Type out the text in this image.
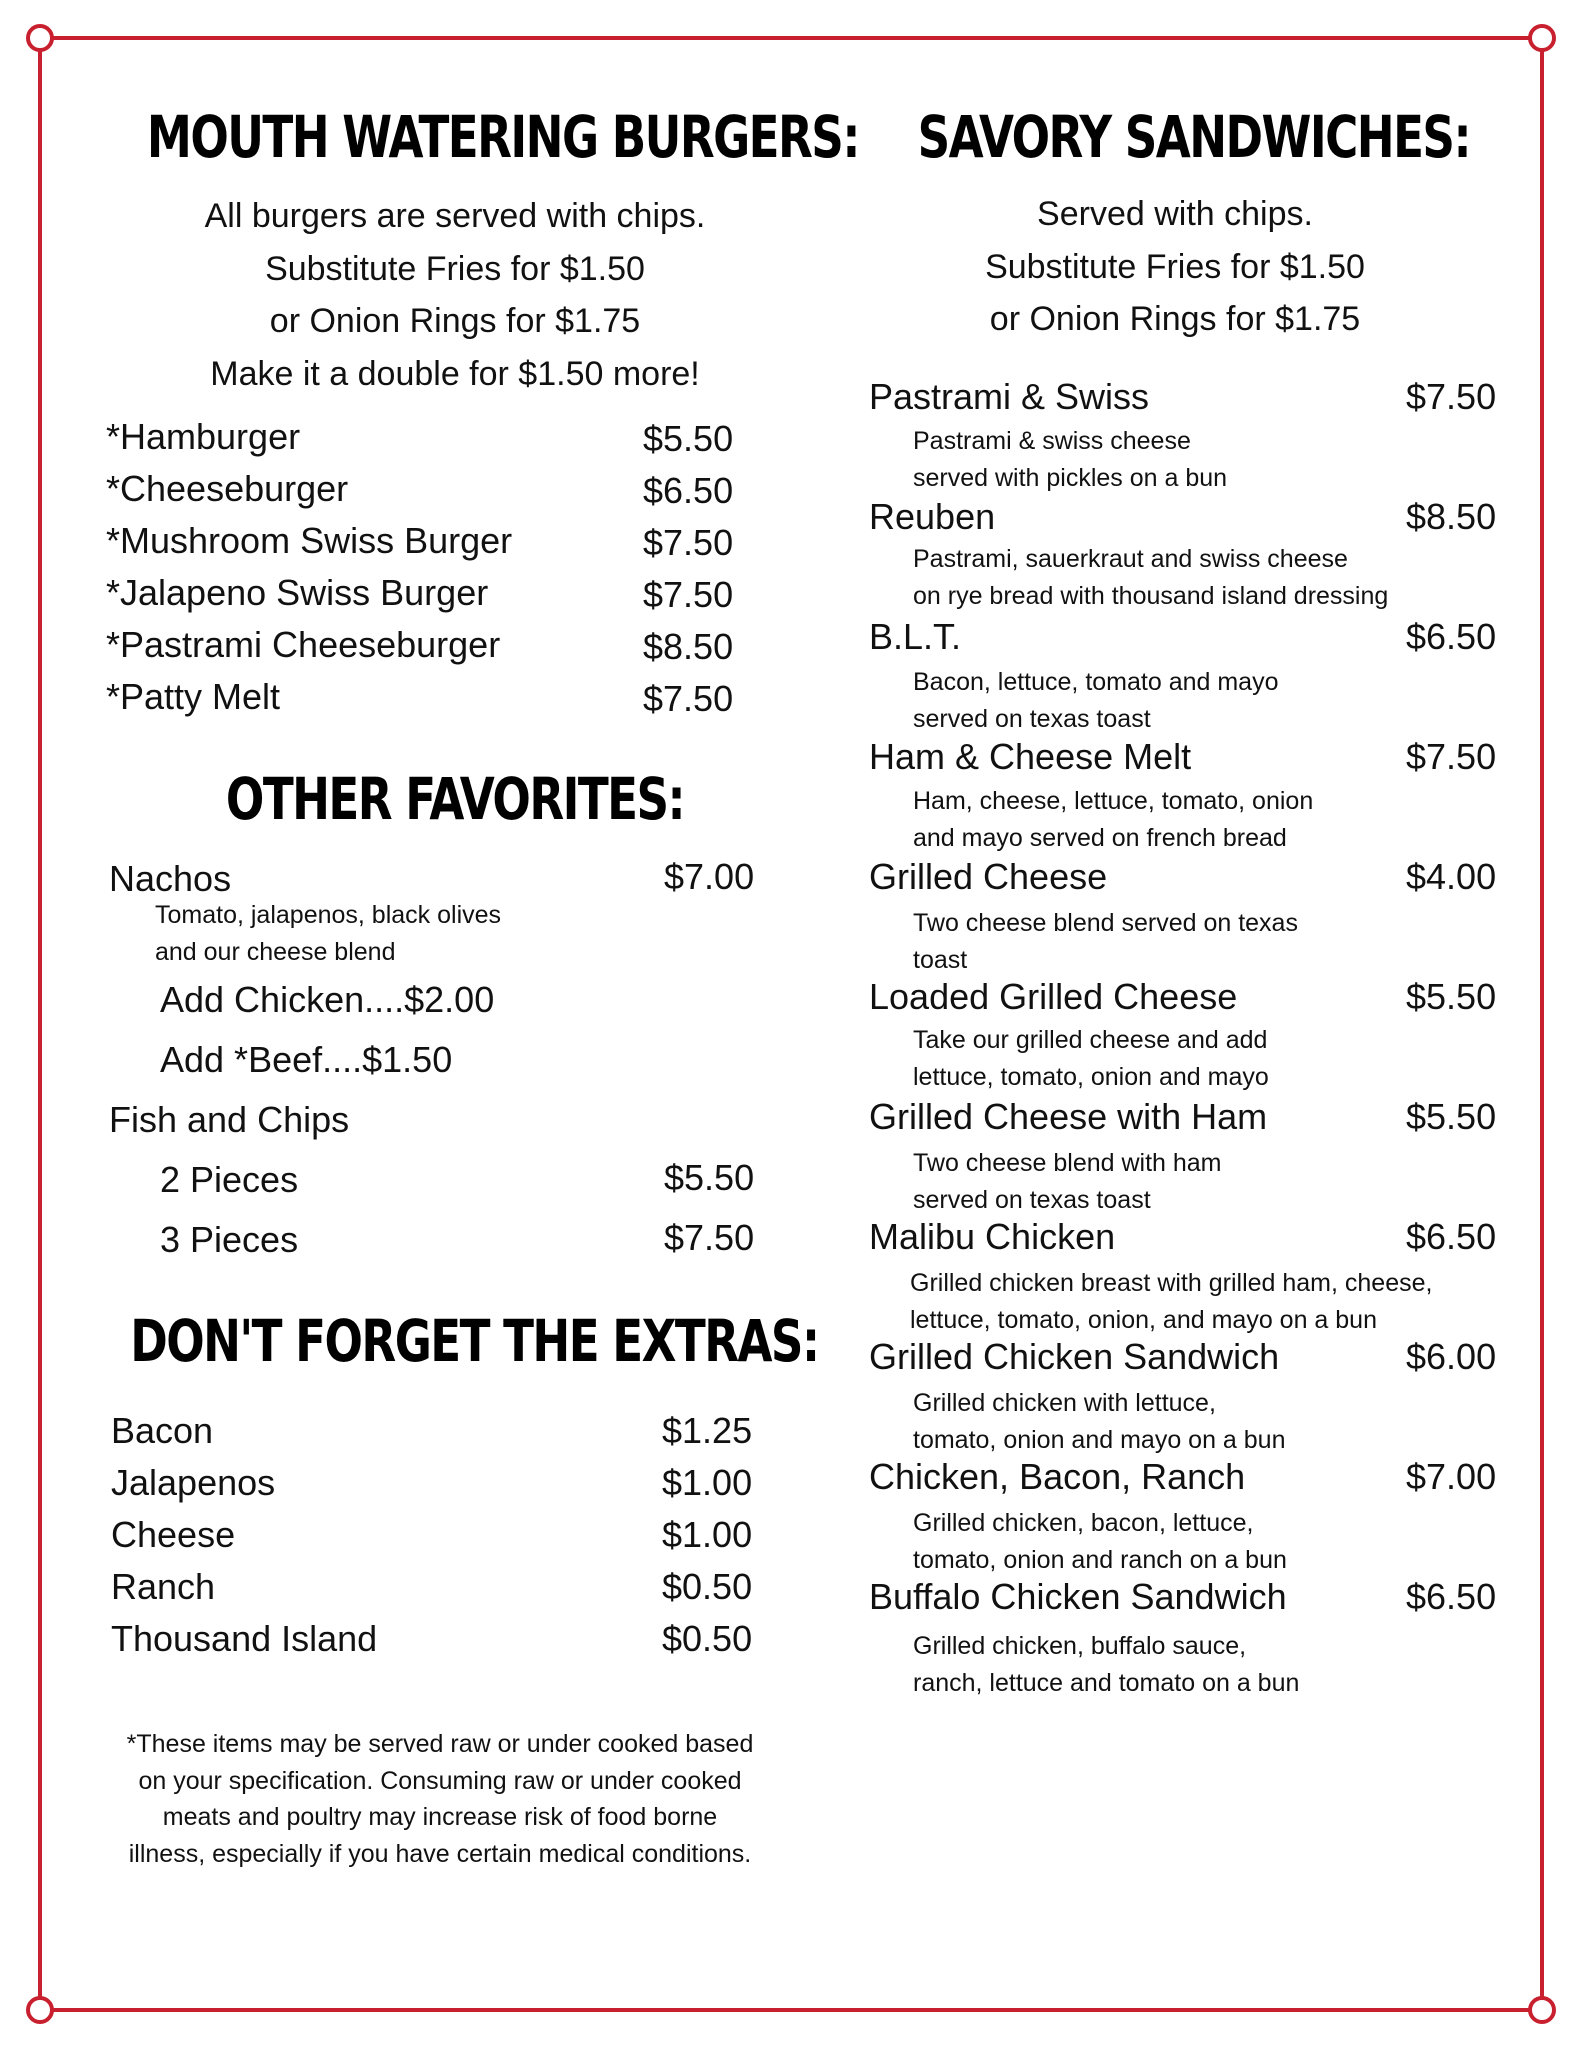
MOUTH WATERING BURGERS:
All burgers are served with chips.
Substitute Fries for $1.50
or Onion Rings for $1.75
Make it a double for $1.50 more!
*Hamburger	$5.50
*Cheeseburger	$6.50
*Mushroom Swiss Burger	$7.50
*Jalapeno Swiss Burger	$7.50
*Pastrami Cheeseburger	$8.50
*Patty Melt	$7.50
OTHER FAVORITES:
Nachos	$7.00
Tomato, jalapenos, black olives
and our cheese blend
Add Chicken....$2.00
Add *Beef....$1.50
Fish and Chips
2 Pieces	$5.50
3 Pieces	$7.50
DON'T FORGET THE EXTRAS:
Bacon	$1.25
Jalapenos	$1.00
Cheese	$1.00
Ranch	$0.50
Thousand Island	$0.50
*These items may be served raw or under cooked based
on your specification. Consuming raw or under cooked
meats and poultry may increase risk of food borne
illness, especially if you have certain medical conditions.
SAVORY SANDWICHES:
Served with chips.
Substitute Fries for $1.50
or Onion Rings for $1.75
Pastrami & Swiss	$7.50
Pastrami & swiss cheese
served with pickles on a bun
Reuben	$8.50
Pastrami, sauerkraut and swiss cheese
on rye bread with thousand island dressing
B.L.T.	$6.50
Bacon, lettuce, tomato and mayo
served on texas toast
Ham & Cheese Melt	$7.50
Ham, cheese, lettuce, tomato, onion
and mayo served on french bread
Grilled Cheese	$4.00
Two cheese blend served on texas
toast
Loaded Grilled Cheese	$5.50
Take our grilled cheese and add
lettuce, tomato, onion and mayo
Grilled Cheese with Ham	$5.50
Two cheese blend with ham
served on texas toast
Malibu Chicken	$6.50
Grilled chicken breast with grilled ham, cheese,
lettuce, tomato, onion, and mayo on a bun
Grilled Chicken Sandwich	$6.00
Grilled chicken with lettuce,
tomato, onion and mayo on a bun
Chicken, Bacon, Ranch	$7.00
Grilled chicken, bacon, lettuce,
tomato, onion and ranch on a bun
Buffalo Chicken Sandwich	$6.50
Grilled chicken, buffalo sauce,
ranch, lettuce and tomato on a bun
